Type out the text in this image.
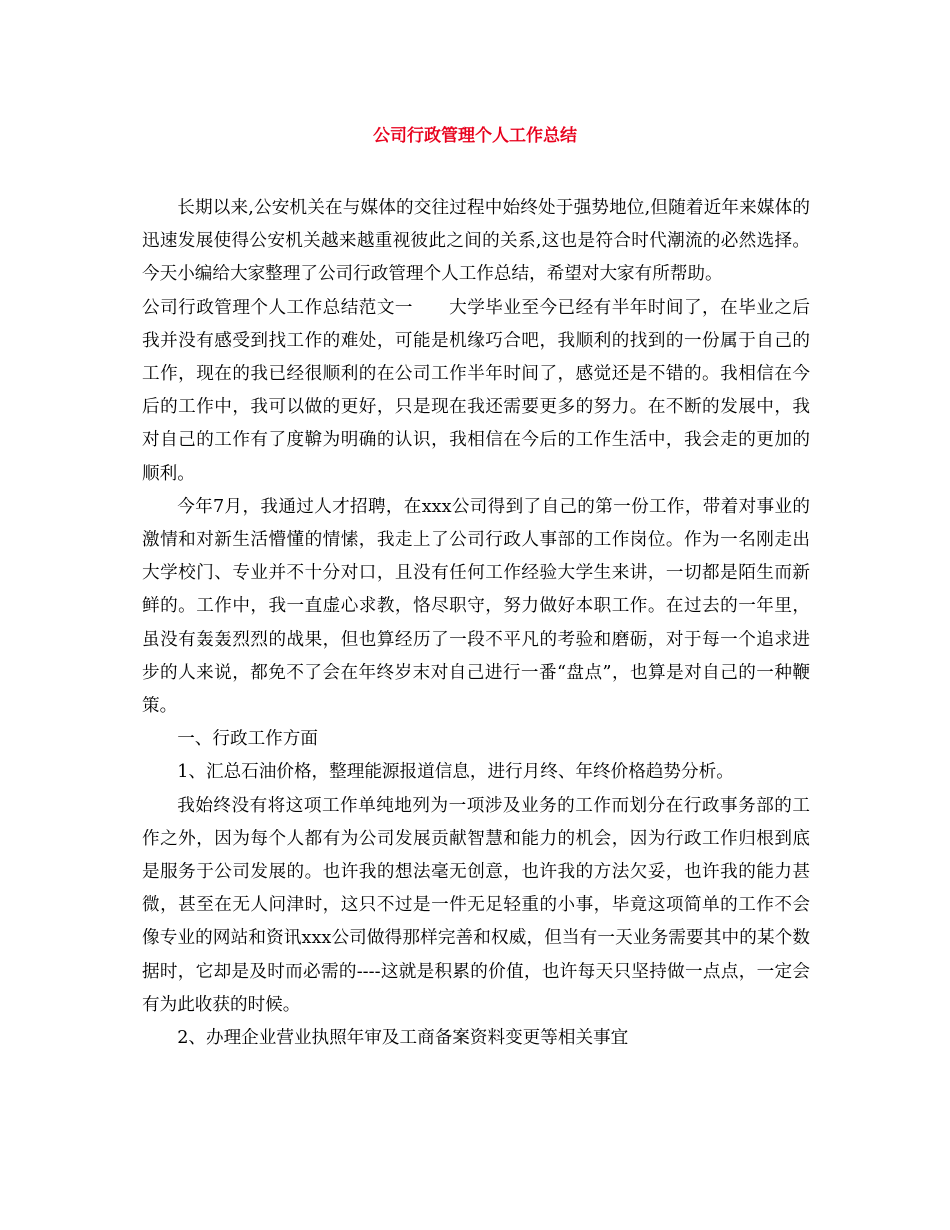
公司行政管理个人工作总结

长期以来,公安机关在与媒体的交往过程中始终处于强势地位,但随着近年来媒体的迅速发展使得公安机关越来越重视彼此之间的关系,这也是符合时代潮流的必然选择。今天小编给大家整理了公司行政管理个人工作总结，希望对大家有所帮助。

公司行政管理个人工作总结范文一　　大学毕业至今已经有半年时间了，在毕业之后我并没有感受到找工作的难处，可能是机缘巧合吧，我顺利的找到的一份属于自己的工作，现在的我已经很顺利的在公司工作半年时间了，感觉还是不错的。我相信在今后的工作中，我可以做的更好，只是现在我还需要更多的努力。在不断的发展中，我对自己的工作有了度鞥为明确的认识，我相信在今后的工作生活中，我会走的更加的顺利。

今年7月，我通过人才招聘，在xxx公司得到了自己的第一份工作，带着对事业的激情和对新生活懵懂的情愫，我走上了公司行政人事部的工作岗位。作为一名刚走出大学校门、专业并不十分对口，且没有任何工作经验大学生来讲，一切都是陌生而新鲜的。工作中，我一直虚心求教，恪尽职守，努力做好本职工作。在过去的一年里，虽没有轰轰烈烈的战果，但也算经历了一段不平凡的考验和磨砺，对于每一个追求进步的人来说，都免不了会在年终岁末对自己进行一番“盘点”，也算是对自己的一种鞭策。

一、行政工作方面

1、汇总石油价格，整理能源报道信息，进行月终、年终价格趋势分析。

我始终没有将这项工作单纯地列为一项涉及业务的工作而划分在行政事务部的工作之外，因为每个人都有为公司发展贡献智慧和能力的机会，因为行政工作归根到底是服务于公司发展的。也许我的想法毫无创意，也许我的方法欠妥，也许我的能力甚微，甚至在无人问津时，这只不过是一件无足轻重的小事，毕竟这项简单的工作不会像专业的网站和资讯xxx公司做得那样完善和权威，但当有一天业务需要其中的某个数据时，它却是及时而必需的----这就是积累的价值，也许每天只坚持做一点点，一定会有为此收获的时候。

2、办理企业营业执照年审及工商备案资料变更等相关事宜
